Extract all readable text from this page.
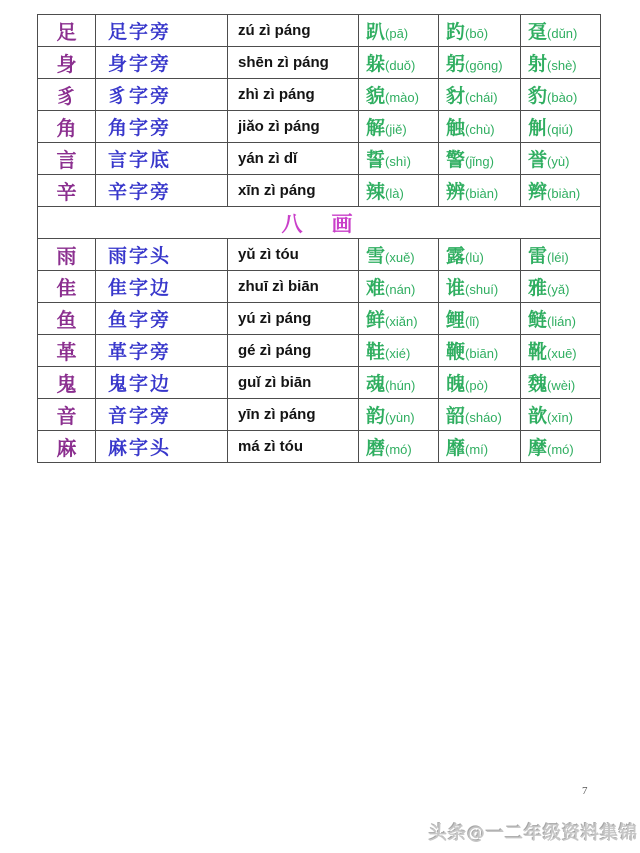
足	足字旁	zú zì páng	趴(pā)	趵(bō)	趸(dǔn)
身	身字旁	shēn zì páng	躲(duǒ)	躬(gōng)	射(shè)
豸	豸字旁	zhì zì páng	貌(mào)	豺(chái)	豹(bào)
角	角字旁	jiǎo zì páng	解(jiě)	触(chù)	觓(qiú)
言	言字底	yán zì dǐ	誓(shì)	警(jǐng)	誉(yù)
辛	辛字旁	xīn zì páng	辣(là)	辨(biàn)	辫(biàn)
八　画					
雨	雨字头	yǔ zì tóu	雪(xuě)	露(lù)	雷(léi)
隹	隹字边	zhuī zì biān	难(nán)	谁(shuí)	雅(yǎ)
鱼	鱼字旁	yú zì páng	鲜(xiǎn)	鲤(lǐ)	鲢(lián)
革	革字旁	gé zì páng	鞋(xié)	鞭(biān)	靴(xuē)
鬼	鬼字边	guǐ zì biān	魂(hún)	魄(pò)	魏(wèi)
音	音字旁	yīn zì páng	韵(yùn)	韶(sháo)	歆(xīn)
麻	麻字头	má zì tóu	磨(mó)	靡(mí)	摩(mó)
7
头条@一二年级资料集锦
